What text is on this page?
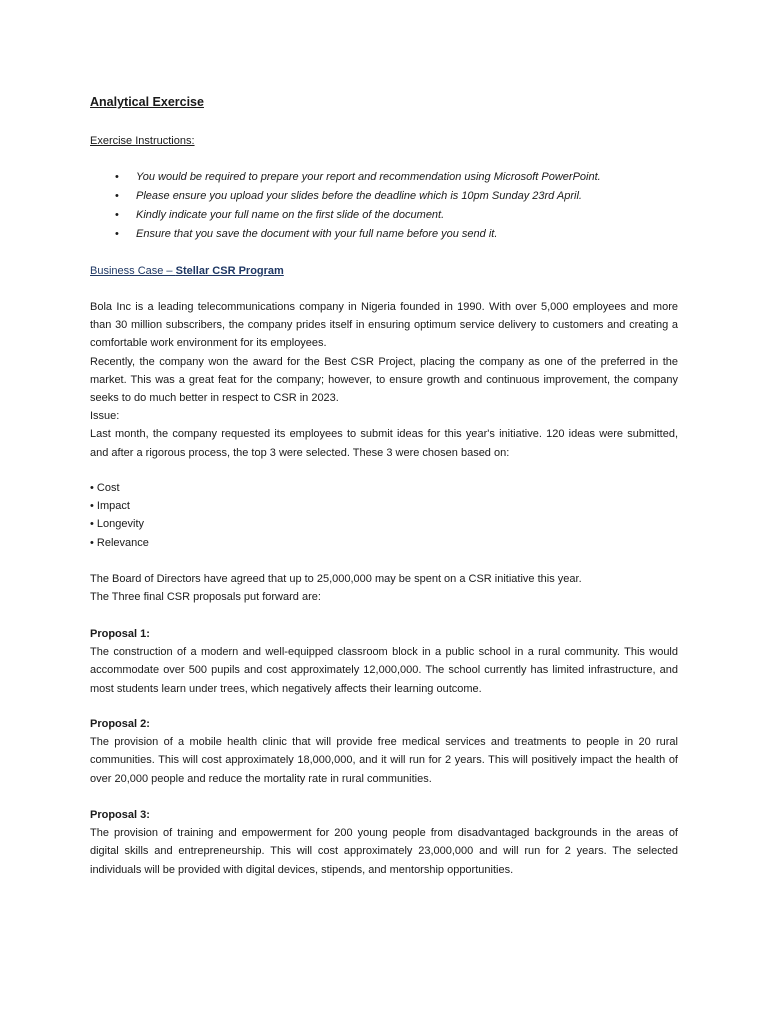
Analytical Exercise
Exercise Instructions:
• You would be required to prepare your report and recommendation using Microsoft PowerPoint.
• Please ensure you upload your slides before the deadline which is 10pm Sunday 23rd April.
• Kindly indicate your full name on the first slide of the document.
• Ensure that you save the document with your full name before you send it.
Business Case – Stellar CSR Program

Bola Inc is a leading telecommunications company in Nigeria founded in 1990. With over 5,000 employees and more than 30 million subscribers, the company prides itself in ensuring optimum service delivery to customers and creating a comfortable work environment for its employees.

Recently, the company won the award for the Best CSR Project, placing the company as one of the preferred in the market. This was a great feat for the company; however, to ensure growth and continuous improvement, the company seeks to do much better in respect to CSR in 2023.

Issue:

Last month, the company requested its employees to submit ideas for this year's initiative. 120 ideas were submitted, and after a rigorous process, the top 3 were selected. These 3 were chosen based on:

• Cost
• Impact
• Longevity
• Relevance

The Board of Directors have agreed that up to 25,000,000 may be spent on a CSR initiative this year.

The Three final CSR proposals put forward are:

Proposal 1:

The construction of a modern and well-equipped classroom block in a public school in a rural community. This would accommodate over 500 pupils and cost approximately 12,000,000. The school currently has limited infrastructure, and most students learn under trees, which negatively affects their learning outcome.

Proposal 2:

The provision of a mobile health clinic that will provide free medical services and treatments to people in 20 rural communities. This will cost approximately 18,000,000, and it will run for 2 years. This will positively impact the health of over 20,000 people and reduce the mortality rate in rural communities.

Proposal 3:

The provision of training and empowerment for 200 young people from disadvantaged backgrounds in the areas of digital skills and entrepreneurship. This will cost approximately 23,000,000 and will run for 2 years. The selected individuals will be provided with digital devices, stipends, and mentorship opportunities.
